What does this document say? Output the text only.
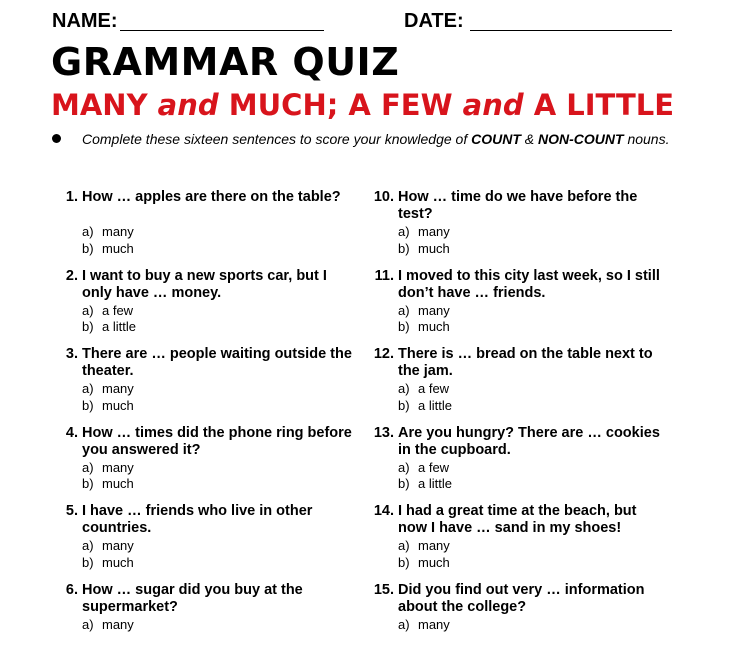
NAME:	DATE:
GRAMMAR QUIZ
MANY and MUCH; A FEW and A LITTLE
Complete these sixteen sentences to score your knowledge of COUNT & NON-COUNT nouns.
1. How … apples are there on the table?
a) many
b) much
2. I want to buy a new sports car, but I only have … money.
a) a few
b) a little
3. There are … people waiting outside the theater.
a) many
b) much
4. How … times did the phone ring before you answered it?
a) many
b) much
5. I have … friends who live in other countries.
a) many
b) much
6. How … sugar did you buy at the supermarket?
a) many
10. How … time do we have before the test?
a) many
b) much
11. I moved to this city last week, so I still don’t have … friends.
a) many
b) much
12. There is … bread on the table next to the jam.
a) a few
b) a little
13. Are you hungry? There are … cookies in the cupboard.
a) a few
b) a little
14. I had a great time at the beach, but now I have … sand in my shoes!
a) many
b) much
15. Did you find out very … information about the college?
a) many
